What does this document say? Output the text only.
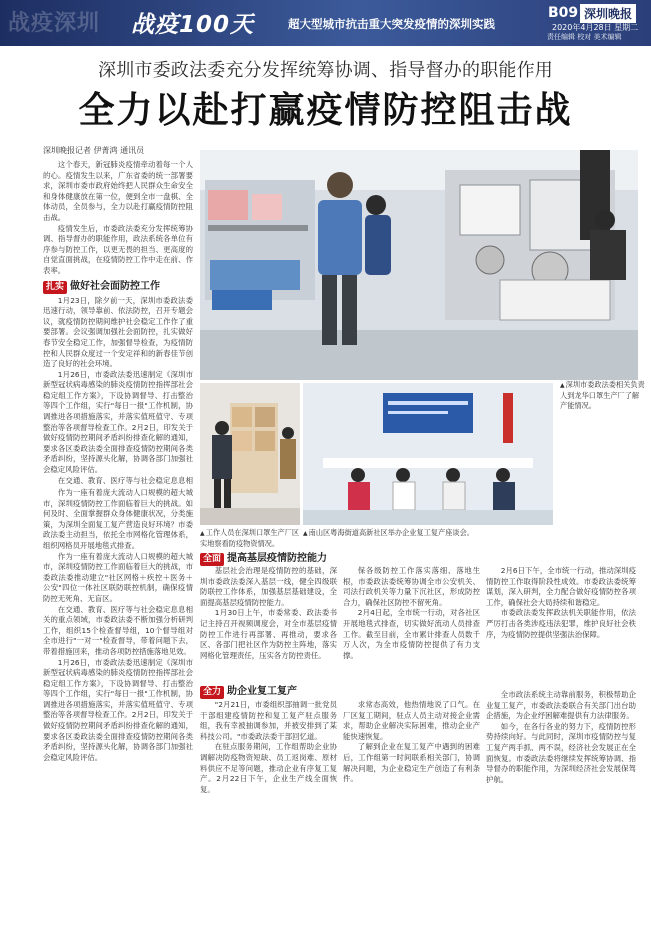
战疫深圳 战疫100天	超大型城市抗击重大突发疫情的深圳实践
B09 深圳晚报
2020年4月28日 星期二
责任编辑 校对 美术编辑
深圳市委政法委充分发挥统筹协调、指导督办的职能作用
全力以赴打赢疫情防控阻击战
深圳晚报记者 伊菁鸿 通讯员

这个春天，新冠肺炎疫情牵动着每一个人的心。疫情发生以来，广东省委的统一部署要求，深圳市委市政府始终把人民群众生命安全和身体健康放在第一位，便到全市一盘棋、全体动员，全员参与，全力以赴打赢疫情防控阻击战。

疫情发生后，市委政法委充分发挥统筹协调、指导督办的职能作用，政法系统各单位有序参与防控工作，以更无畏的担当、更高度的自觉直面挑战，在疫情防控工作中走在前、作表率。

扎实 做好社会面防控工作

1月23日，除夕前一天，深圳市委政法委迅速行动，领导靠前、依法防控，召开专题会议，就疫情防控期间维护社会稳定工作作了重要部署。会议强调加强社会面防控，扎实做好春节安全稳定工作，加强督导检查，为疫情防控和人民群众度过一个安定祥和的新春佳节创造了良好的社会环境。

1月26日，市委政法委迅速制定《深圳市新型冠状病毒感染的肺炎疫情防控指挥部社会稳定组工作方案》，下设协调督导、打击整治等四个工作组，实行"每日一报"工作机制，协调推进各项措施落实，并落实值班值守、专项整治等各项督导检查工作。2月2日，印发关于做好疫情防控期间矛盾纠纷排查化解的通知，要求各区委政法委全面排查疫情防控期间各类矛盾纠纷，坚持源头化解，协调各部门加强社会稳定风险评估。

在交通、教育、医疗等与社会稳定息息相

作为一座有着庞大流动人口规模的超大城市，深圳疫情防控工作面临着巨大的挑战。如何及时、全面掌握群众身体健康状况，分类施策，为深圳全面复工复产营造良好环境？市委政法委主动担当，依托全市网格化管理体系，组织网格员开展地毯式排查。

作为一座有着庞大流动人口规模的超大城市，深圳疫情防控工作面临着巨大的挑战，市委政法委推动建立"社区网格＋疾控＋医务＋公安"四位一体社区联防联控机制，确保疫情防控无死角、无盲区。

在交通、教育、医疗等与社会稳定息息相关的重点领域，市委政法委不断加强分析研判工作，组织15个检查督导组，10个督导组对全市进行"一对一"检查督导，带着问题下去，带着措施回来，推动各项防控措施落地见效。

1月26日，市委政法委迅速制定《深圳市新型冠状病毒感染的肺炎疫情防控指挥部社会稳定组工作方案》，下设协调督导、打击整治等四个工作组，实行"每日一报"工作机制，协调推进各项措施落实，并落实值班值守、专项整治等各项督导检查工作。2月2日，印发关于做好疫情防控期间矛盾纠纷排查化解的通知，要求各区委政法委全面排查疫情防控期间各类矛盾纠纷，坚持源头化解，协调各部门加强社会稳定风险评估。

▲ 深圳市委政法委相关负责人到龙华口罩生产厂了解产能情况。
▲ 工作人员在深圳口罩生产厂区实地察看防疫物资情况。
▲ 南山区粤海街道高新社区举办企业复工复产座谈会。
全面 提高基层疫情防控能力

基层社会治理是疫情防控的基础，深圳市委政法委深入基层一线，健全四级联防联控工作体系，加强基层基础建设，全面提高基层疫情防控能力。

1月30日上午，市委常委、政法委书记主持召开视频调度会，对全市基层疫情防控工作进行再部署、再推动，要求各区、各部门把社区作为防控主阵地，落实网格化管理责任，压实各方防控责任。

保各级防控工作落实落细、落地生根，市委政法委统筹协调全市公安机关、司法行政机关等力量下沉社区，形成防控合力，确保社区防控不留死角。

2月4日起，全市统一行动，对各社区开展地毯式排查，切实做好流动人员排查工作。截至目前，全市累计排查人员数千万人次，为全市疫情防控提供了有力支撑。

2月6日下午，全市统一行动，推动深圳疫情防控工作取得阶段性成效。市委政法委统筹谋划，深入研判，全力配合做好疫情防控各项工作，确保社会大局持续和谐稳定。

市委政法委发挥政法机关职能作用，依法严厉打击各类涉疫违法犯罪，维护良好社会秩序，为疫情防控提供坚强法治保障。

全力 助企业复工复产

"2月21日，市委组织部抽调一批党员干部组建疫情防控和复工复产驻点服务组，我有幸被抽调参加，并被安排到了某科技公司。"市委政法委干部回忆道。

在驻点服务期间，工作组帮助企业协调解决防疫物资短缺、员工返岗难、原材料供应不足等问题，推动企业有序复工复产。2月22日下午，企业生产线全面恢复。

求常态高效，他热情地说了口气。在厂区复工期间，驻点人员主动对接企业需求，帮助企业解决实际困难，推动企业产能快速恢复。

了解到企业在复工复产中遇到的困难后，工作组第一时间联系相关部门，协调解决问题，为企业稳定生产创造了有利条件。

全市政法系统主动靠前服务，积极帮助企业复工复产，市委政法委联合有关部门出台助企措施，为企业纾困解难提供有力法律服务。

如今，在各行各业的努力下，疫情防控形势持续向好。与此同时，深圳市疫情防控与复工复产两手抓、两不误，经济社会发展正在全面恢复。市委政法委将继续发挥统筹协调、指导督办的职能作用，为深圳经济社会发展保驾护航。
